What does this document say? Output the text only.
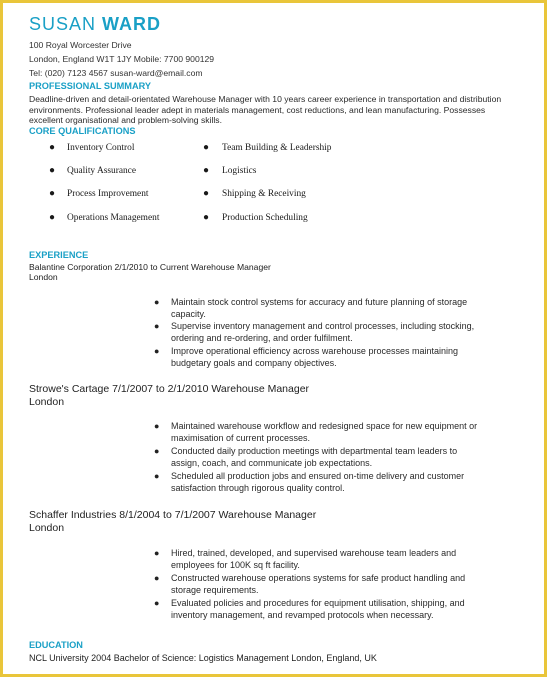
SUSAN WARD
100 Royal Worcester Drive
London, England W1T 1JY Mobile: 7700 900129
Tel: (020) 7123 4567 susan-ward@email.com
PROFESSIONAL SUMMARY
Deadline-driven and detail-orientated Warehouse Manager with 10 years career experience in transportation and distribution
environments. Professional leader adept in materials management, cost reductions, and lean manufacturing. Possesses
excellent organisational and problem-solving skills.
CORE QUALIFICATIONS
● Inventory Control
● Quality Assurance
● Process Improvement
● Operations Management
● Team Building & Leadership
● Logistics
● Shipping & Receiving
● Production Scheduling
EXPERIENCE
Balantine Corporation 2/1/2010 to Current Warehouse Manager
London
● Maintain stock control systems for accuracy and future planning of storage
capacity.
● Supervise inventory management and control processes, including stocking,
ordering and re-ordering, and order fulfilment.
● Improve operational efficiency across warehouse processes maintaining
budgetary goals and company objectives.
Strowe's Cartage 7/1/2007 to 2/1/2010 Warehouse Manager
London
● Maintained warehouse workflow and redesigned space for new equipment or
maximisation of current processes.
● Conducted daily production meetings with departmental team leaders to
assign, coach, and communicate job expectations.
● Scheduled all production jobs and ensured on-time delivery and customer
satisfaction through rigorous quality control.
Schaffer Industries 8/1/2004 to 7/1/2007 Warehouse Manager
London
● Hired, trained, developed, and supervised warehouse team leaders and
employees for 100K sq ft facility.
● Constructed warehouse operations systems for safe product handling and
storage requirements.
● Evaluated policies and procedures for equipment utilisation, shipping, and
inventory management, and revamped protocols when necessary.
EDUCATION
NCL University 2004 Bachelor of Science: Logistics Management London, England, UK
